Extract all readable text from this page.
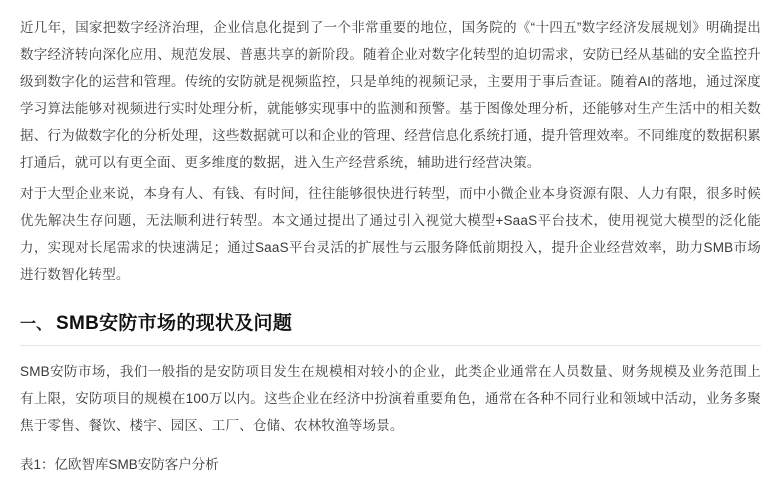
近几年，国家把数字经济治理，企业信息化提到了一个非常重要的地位，国务院的《“十四五”数字经济发展规划》明确提出数字经济转向深化应用、规范发展、普惠共享的新阶段。随着企业对数字化转型的迫切需求，安防已经从基础的安全监控升级到数字化的运营和管理。传统的安防就是视频监控，只是单纯的视频记录，主要用于事后查证。随着AI的落地，通过深度学习算法能够对视频进行实时处理分析，就能够实现事中的监测和预警。基于图像处理分析，还能够对生产生活中的相关数据、行为做数字化的分析处理，这些数据就可以和企业的管理、经营信息化系统打通，提升管理效率。不同维度的数据积累打通后，就可以有更全面、更多维度的数据，进入生产经营系统，辅助进行经营决策。

对于大型企业来说，本身有人、有钱、有时间，往往能够很快进行转型，而中小微企业本身资源有限、人力有限，很多时候优先解决生存问题，无法顺利进行转型。本文通过提出了通过引入视觉大模型+SaaS平台技术，使用视觉大模型的泛化能力，实现对长尾需求的快速满足；通过SaaS平台灵活的扩展性与云服务降低前期投入，提升企业经营效率，助力SMB市场进行数智化转型。

一、 SMB安防市场的现状及问题

SMB安防市场，我们一般指的是安防项目发生在规模相对较小的企业，此类企业通常在人员数量、财务规模及业务范围上有上限，安防项目的规模在100万以内。这些企业在经济中扮演着重要角色，通常在各种不同行业和领域中活动，业务多聚焦于零售、餐饮、楼宇、园区、工厂、仓储、农林牧渔等场景。

表1：亿欧智库SMB安防客户分析
